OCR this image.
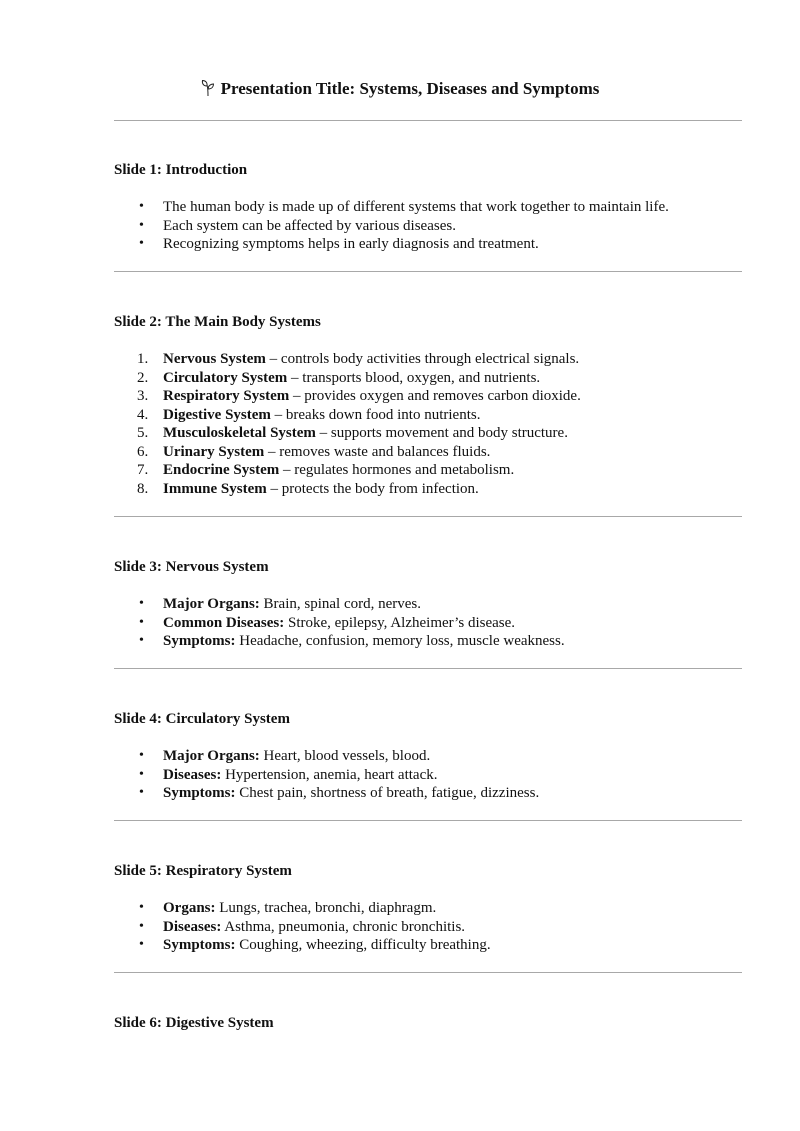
Presentation Title: Systems, Diseases and Symptoms
Slide 1: Introduction
•	The human body is made up of different systems that work together to maintain life.
•	Each system can be affected by various diseases.
•	Recognizing symptoms helps in early diagnosis and treatment.
Slide 2: The Main Body Systems
1. Nervous System – controls body activities through electrical signals.
2. Circulatory System – transports blood, oxygen, and nutrients.
3. Respiratory System – provides oxygen and removes carbon dioxide.
4. Digestive System – breaks down food into nutrients.
5. Musculoskeletal System – supports movement and body structure.
6. Urinary System – removes waste and balances fluids.
7. Endocrine System – regulates hormones and metabolism.
8. Immune System – protects the body from infection.
Slide 3: Nervous System
•	Major Organs: Brain, spinal cord, nerves.
•	Common Diseases: Stroke, epilepsy, Alzheimer’s disease.
•	Symptoms: Headache, confusion, memory loss, muscle weakness.
Slide 4: Circulatory System
•	Major Organs: Heart, blood vessels, blood.
•	Diseases: Hypertension, anemia, heart attack.
•	Symptoms: Chest pain, shortness of breath, fatigue, dizziness.
Slide 5: Respiratory System
•	Organs: Lungs, trachea, bronchi, diaphragm.
•	Diseases: Asthma, pneumonia, chronic bronchitis.
•	Symptoms: Coughing, wheezing, difficulty breathing.
Slide 6: Digestive System
